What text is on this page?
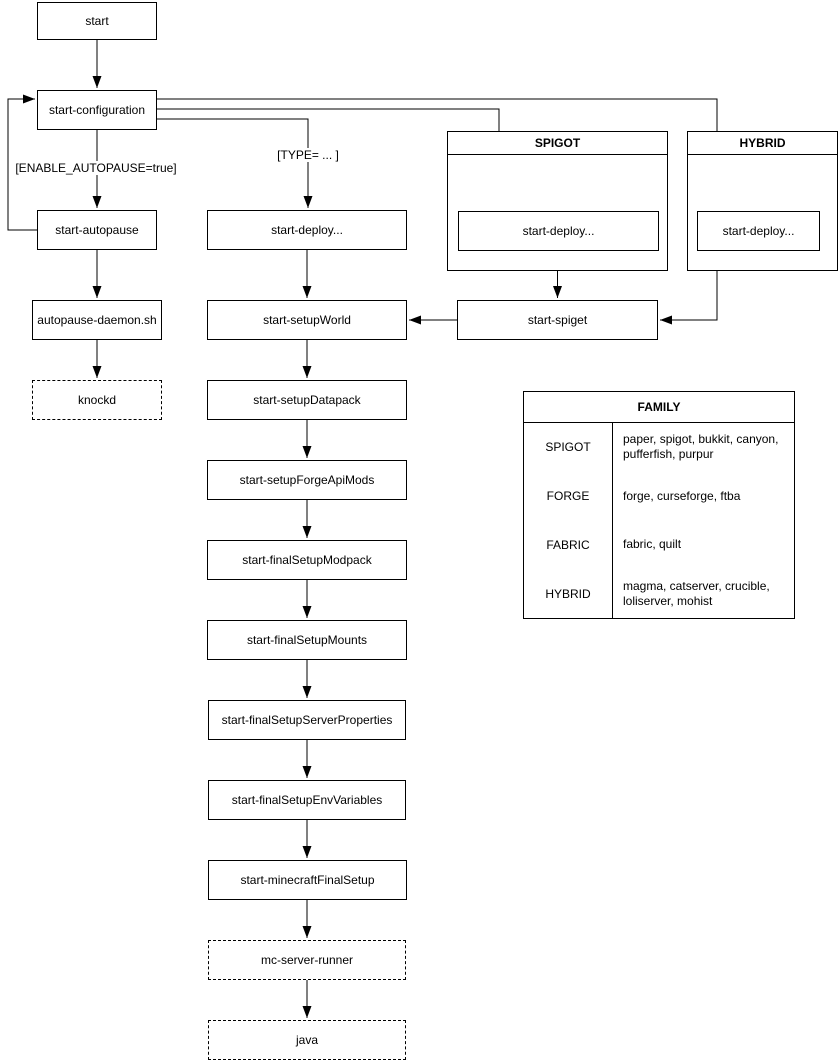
start
start-configuration
start-autopause
autopause-daemon.sh
knockd
start-deploy...
start-setupWorld
start-setupDatapack
start-setupForgeApiMods
start-finalSetupModpack
start-finalSetupMounts
start-finalSetupServerProperties
start-finalSetupEnvVariables
start-minecraftFinalSetup
mc-server-runner
java
SPIGOT
start-deploy...
HYBRID
start-deploy...
start-spiget
[ENABLE_AUTOPAUSE=true]
[TYPE= ... ]
FAMILY
SPIGOT
paper, spigot, bukkit, canyon, pufferfish, purpur
FORGE	forge, curseforge, ftba
FABRIC	fabric, quilt
HYBRID
magma, catserver, crucible, loliserver, mohist
